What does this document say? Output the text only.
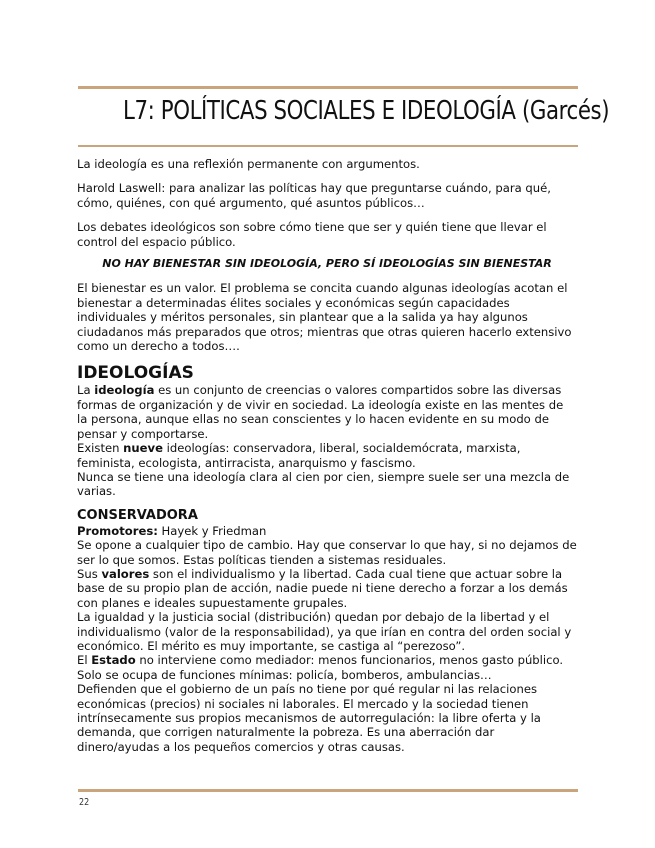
L7: POLÍTICAS SOCIALES E IDEOLOGÍA (Garcés)

La ideología es una reflexión permanente con argumentos.

Harold Laswell: para analizar las políticas hay que preguntarse cuándo, para qué, cómo, quiénes, con qué argumento, qué asuntos públicos…

Los debates ideológicos son sobre cómo tiene que ser y quién tiene que llevar el control del espacio público.

NO HAY BIENESTAR SIN IDEOLOGÍA, PERO SÍ IDEOLOGÍAS SIN BIENESTAR

El bienestar es un valor. El problema se concita cuando algunas ideologías acotan el bienestar a determinadas élites sociales y económicas según capacidades individuales y méritos personales, sin plantear que a la salida ya hay algunos ciudadanos más preparados que otros; mientras que otras quieren hacerlo extensivo como un derecho a todos….

IDEOLOGÍAS

La ideología es un conjunto de creencias o valores compartidos sobre las diversas formas de organización y de vivir en sociedad. La ideología existe en las mentes de la persona, aunque ellas no sean conscientes y lo hacen evidente en su modo de pensar y comportarse.

Existen nueve ideologías: conservadora, liberal, socialdemócrata, marxista, feminista, ecologista, antirracista, anarquismo y fascismo.

Nunca se tiene una ideología clara al cien por cien, siempre suele ser una mezcla de varias.

CONSERVADORA

Promotores: Hayek y Friedman

Se opone a cualquier tipo de cambio. Hay que conservar lo que hay, si no dejamos de ser lo que somos. Estas políticas tienden a sistemas residuales.

Sus valores son el individualismo y la libertad. Cada cual tiene que actuar sobre la base de su propio plan de acción, nadie puede ni tiene derecho a forzar a los demás con planes e ideales supuestamente grupales.

La igualdad y la justicia social (distribución) quedan por debajo de la libertad y el individualismo (valor de la responsabilidad), ya que irían en contra del orden social y económico. El mérito es muy importante, se castiga al “perezoso”.

El Estado no interviene como mediador: menos funcionarios, menos gasto público. Solo se ocupa de funciones mínimas: policía, bomberos, ambulancias…

Defienden que el gobierno de un país no tiene por qué regular ni las relaciones económicas (precios) ni sociales ni laborales. El mercado y la sociedad tienen intrínsecamente sus propios mecanismos de autorregulación: la libre oferta y la demanda, que corrigen naturalmente la pobreza. Es una aberración dar dinero/ayudas a los pequeños comercios y otras causas.

22
